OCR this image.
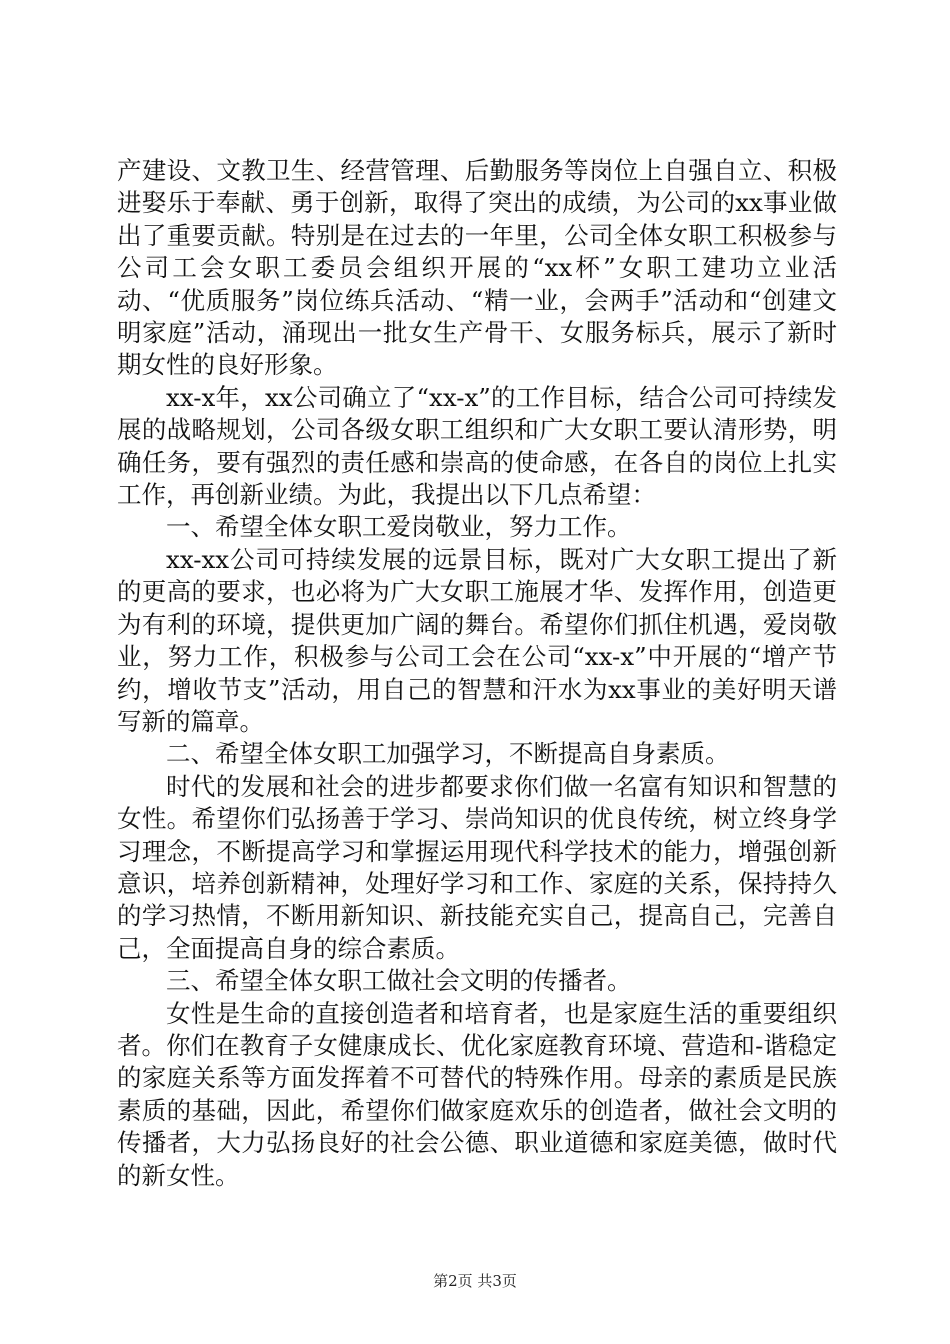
产建设、文教卫生、经营管理、后勤服务等岗位上自强自立、积极进娶乐于奉献、勇于创新，取得了突出的成绩，为公司的xx事业做出了重要贡献。特别是在过去的一年里，公司全体女职工积极参与公司工会女职工委员会组织开展的“xx杯”女职工建功立业活动、“优质服务”岗位练兵活动、“精一业，会两手”活动和“创建文明家庭”活动，涌现出一批女生产骨干、女服务标兵，展示了新时期女性的良好形象。

xx-x年，xx公司确立了“xx-x”的工作目标，结合公司可持续发展的战略规划，公司各级女职工组织和广大女职工要认清形势，明确任务，要有强烈的责任感和崇高的使命感，在各自的岗位上扎实工作，再创新业绩。为此，我提出以下几点希望：

一、希望全体女职工爱岗敬业，努力工作。

xx-xx公司可持续发展的远景目标，既对广大女职工提出了新的更高的要求，也必将为广大女职工施展才华、发挥作用，创造更为有利的环境，提供更加广阔的舞台。希望你们抓住机遇，爱岗敬业，努力工作，积极参与公司工会在公司“xx-x”中开展的“增产节约，增收节支”活动，用自己的智慧和汗水为xx事业的美好明天谱写新的篇章。

二、希望全体女职工加强学习，不断提高自身素质。

时代的发展和社会的进步都要求你们做一名富有知识和智慧的女性。希望你们弘扬善于学习、崇尚知识的优良传统，树立终身学习理念，不断提高学习和掌握运用现代科学技术的能力，增强创新意识，培养创新精神，处理好学习和工作、家庭的关系，保持持久的学习热情，不断用新知识、新技能充实自己，提高自己，完善自己，全面提高自身的综合素质。

三、希望全体女职工做社会文明的传播者。

女性是生命的直接创造者和培育者，也是家庭生活的重要组织者。你们在教育子女健康成长、优化家庭教育环境、营造和-谐稳定的家庭关系等方面发挥着不可替代的特殊作用。母亲的素质是民族素质的基础，因此，希望你们做家庭欢乐的创造者，做社会文明的传播者，大力弘扬良好的社会公德、职业道德和家庭美德，做时代的新女性。

第2页 共3页
